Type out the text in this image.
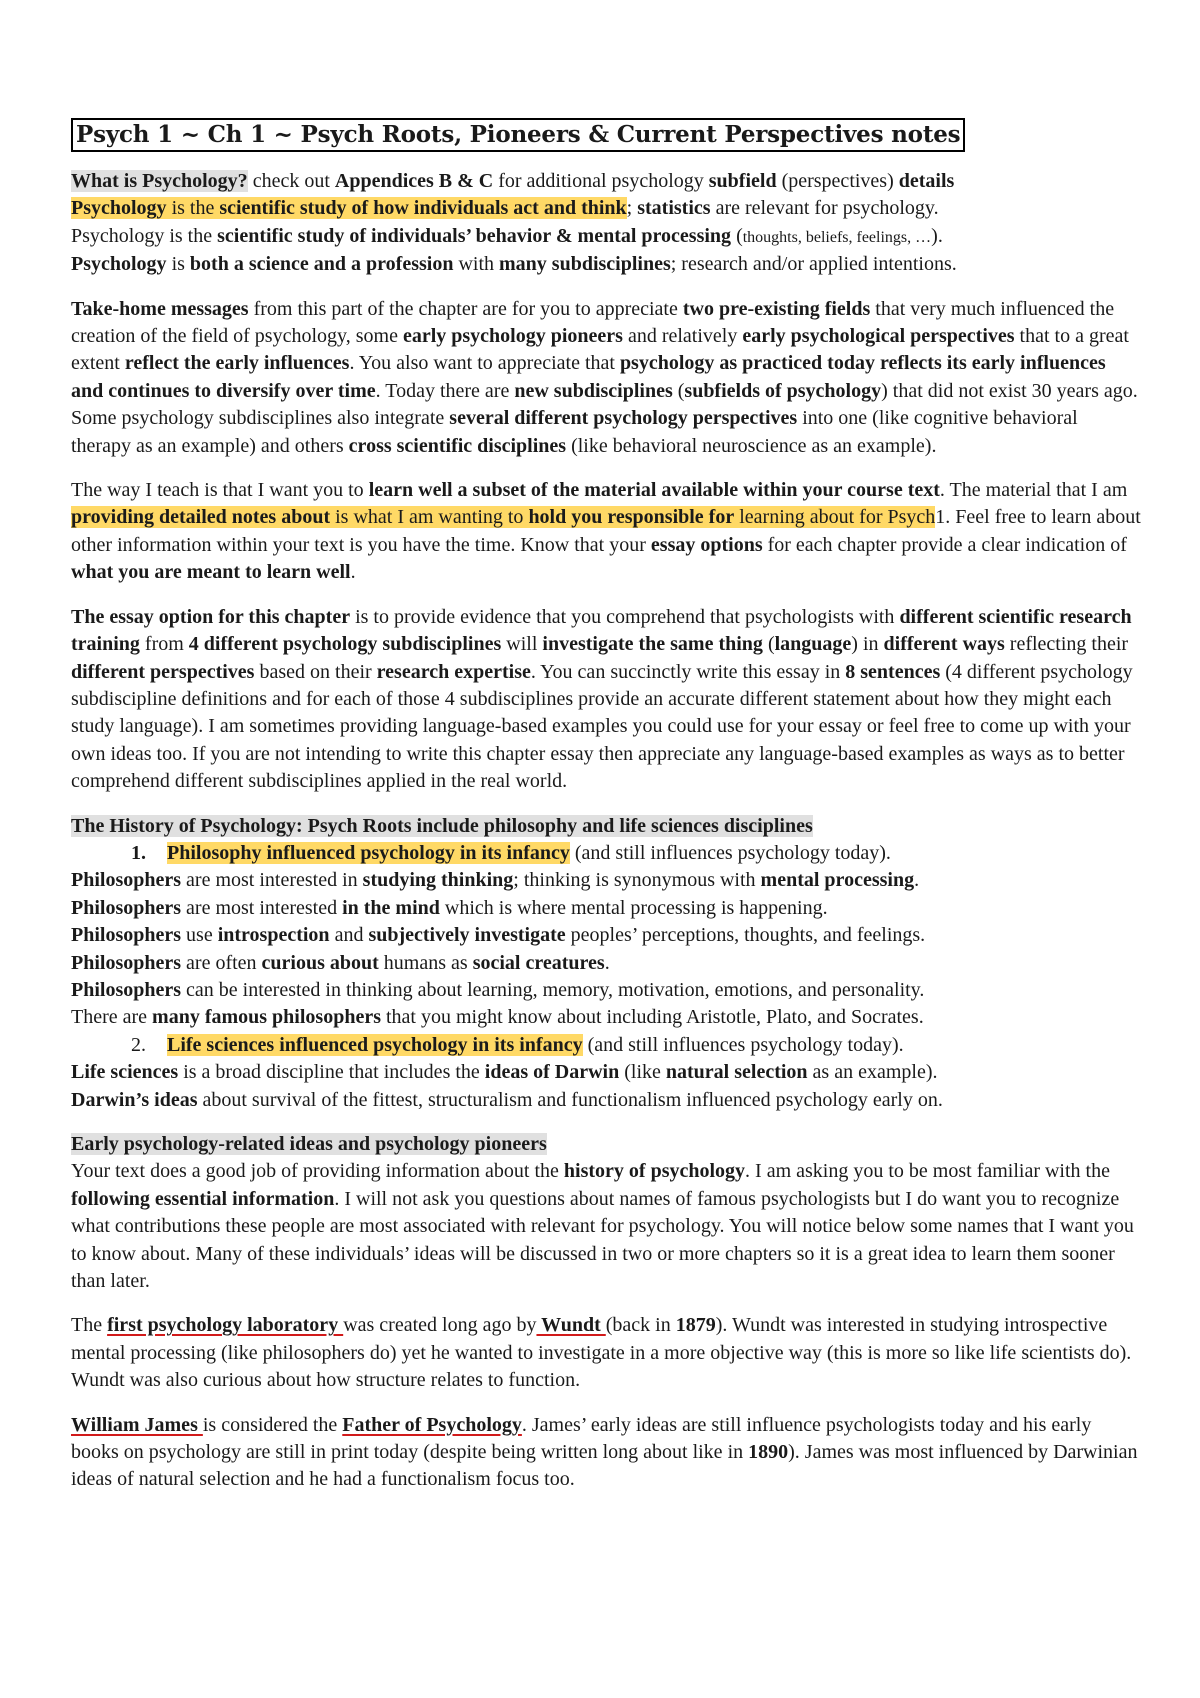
Psych 1 ~ Ch 1 ~ Psych Roots, Pioneers & Current Perspectives notes

What is Psychology? check out Appendices B & C for additional psychology subfield (perspectives) details
Psychology is the scientific study of how individuals act and think; statistics are relevant for psychology.
Psychology is the scientific study of individuals’ behavior & mental processing (thoughts, beliefs, feelings, …).
Psychology is both a science and a profession with many subdisciplines; research and/or applied intentions.

Take-home messages from this part of the chapter are for you to appreciate two pre-existing fields that very much influenced the creation of the field of psychology, some early psychology pioneers and relatively early psychological perspectives that to a great extent reflect the early influences. You also want to appreciate that psychology as practiced today reflects its early influences and continues to diversify over time. Today there are new subdisciplines (subfields of psychology) that did not exist 30 years ago. Some psychology subdisciplines also integrate several different psychology perspectives into one (like cognitive behavioral therapy as an example) and others cross scientific disciplines (like behavioral neuroscience as an example).

The way I teach is that I want you to learn well a subset of the material available within your course text. The material that I am providing detailed notes about is what I am wanting to hold you responsible for learning about for Psych1. Feel free to learn about other information within your text is you have the time. Know that your essay options for each chapter provide a clear indication of what you are meant to learn well.

The essay option for this chapter is to provide evidence that you comprehend that psychologists with different scientific research training from 4 different psychology subdisciplines will investigate the same thing (language) in different ways reflecting their different perspectives based on their research expertise. You can succinctly write this essay in 8 sentences (4 different psychology subdiscipline definitions and for each of those 4 subdisciplines provide an accurate different statement about how they might each study language). I am sometimes providing language-based examples you could use for your essay or feel free to come up with your own ideas too. If you are not intending to write this chapter essay then appreciate any language-based examples as ways as to better comprehend different subdisciplines applied in the real world.

The History of Psychology: Psych Roots include philosophy and life sciences disciplines
1. Philosophy influenced psychology in its infancy (and still influences psychology today).
Philosophers are most interested in studying thinking; thinking is synonymous with mental processing.
Philosophers are most interested in the mind which is where mental processing is happening.
Philosophers use introspection and subjectively investigate peoples’ perceptions, thoughts, and feelings.
Philosophers are often curious about humans as social creatures.
Philosophers can be interested in thinking about learning, memory, motivation, emotions, and personality.
There are many famous philosophers that you might know about including Aristotle, Plato, and Socrates.
2. Life sciences influenced psychology in its infancy (and still influences psychology today).
Life sciences is a broad discipline that includes the ideas of Darwin (like natural selection as an example).
Darwin’s ideas about survival of the fittest, structuralism and functionalism influenced psychology early on.
Early psychology-related ideas and psychology pioneers
Your text does a good job of providing information about the history of psychology. I am asking you to be most familiar with the following essential information. I will not ask you questions about names of famous psychologists but I do want you to recognize what contributions these people are most associated with relevant for psychology. You will notice below some names that I want you to know about. Many of these individuals’ ideas will be discussed in two or more chapters so it is a great idea to learn them sooner than later.

The first psychology laboratory was created long ago by Wundt (back in 1879). Wundt was interested in studying introspective mental processing (like philosophers do) yet he wanted to investigate in a more objective way (this is more so like life scientists do). Wundt was also curious about how structure relates to function.

William James is considered the Father of Psychology. James’ early ideas are still influence psychologists today and his early books on psychology are still in print today (despite being written long about like in 1890). James was most influenced by Darwinian ideas of natural selection and he had a functionalism focus too.
